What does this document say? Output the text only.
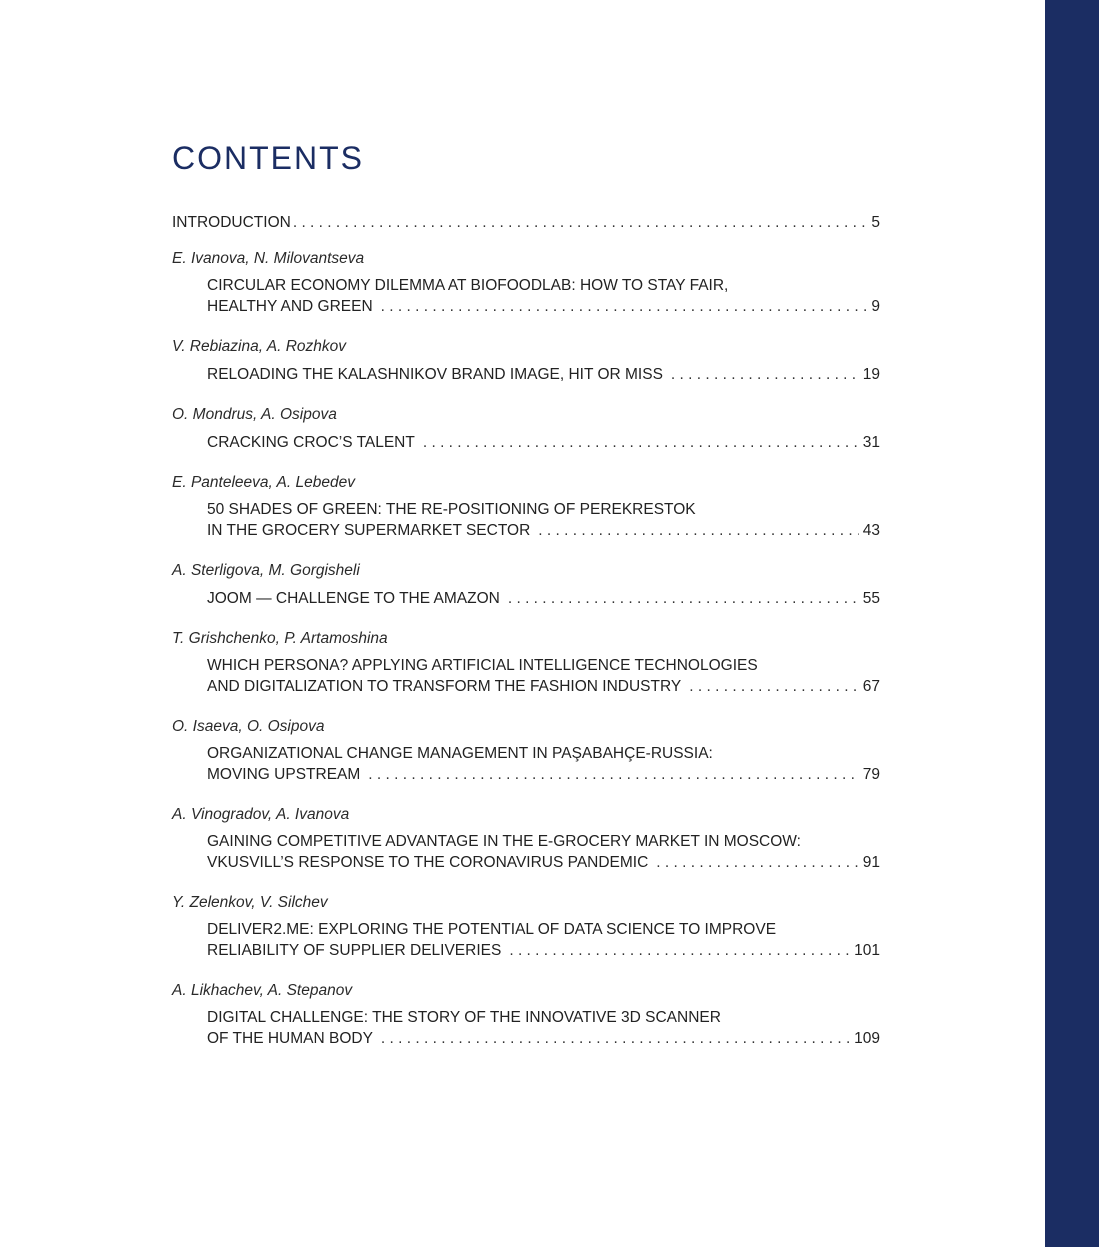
CONTENTS
INTRODUCTION . . .	5
E. Ivanova, N. Milovantseva
CIRCULAR ECONOMY DILEMMA AT BIOFOODLAB: HOW TO STAY FAIR,
HEALTHY AND GREEN . . .	9
V. Rebiazina, A. Rozhkov
RELOADING THE KALASHNIKOV BRAND IMAGE, HIT OR MISS . . .	19
O. Mondrus, A. Osipova
CRACKING CROC’S TALENT . . .	31
E. Panteleeva, A. Lebedev
50 SHADES OF GREEN: THE RE-POSITIONING OF PEREKRESTOK
IN THE GROCERY SUPERMARKET SECTOR . . .	43
A. Sterligova, M. Gorgisheli
JOOM — CHALLENGE TO THE AMAZON . . .	55
T. Grishchenko, P. Artamoshina
WHICH PERSONA? APPLYING ARTIFICIAL INTELLIGENCE TECHNOLOGIES
AND DIGITALIZATION TO TRANSFORM THE FASHION INDUSTRY . . .	67
O. Isaeva, O. Osipova
ORGANIZATIONAL CHANGE MANAGEMENT IN PAŞABAHÇE-RUSSIA:
MOVING UPSTREAM . . .	79
A. Vinogradov, A. Ivanova
GAINING COMPETITIVE ADVANTAGE IN THE E-GROCERY MARKET IN MOSCOW:
VKUSVILL’S RESPONSE TO THE CORONAVIRUS PANDEMIC . . .	91
Y. Zelenkov, V. Silchev
DELIVER2.ME: EXPLORING THE POTENTIAL OF DATA SCIENCE TO IMPROVE
RELIABILITY OF SUPPLIER DELIVERIES . . .	101
A. Likhachev, A. Stepanov
DIGITAL CHALLENGE: THE STORY OF THE INNOVATIVE 3D SCANNER
OF THE HUMAN BODY . . .	109
